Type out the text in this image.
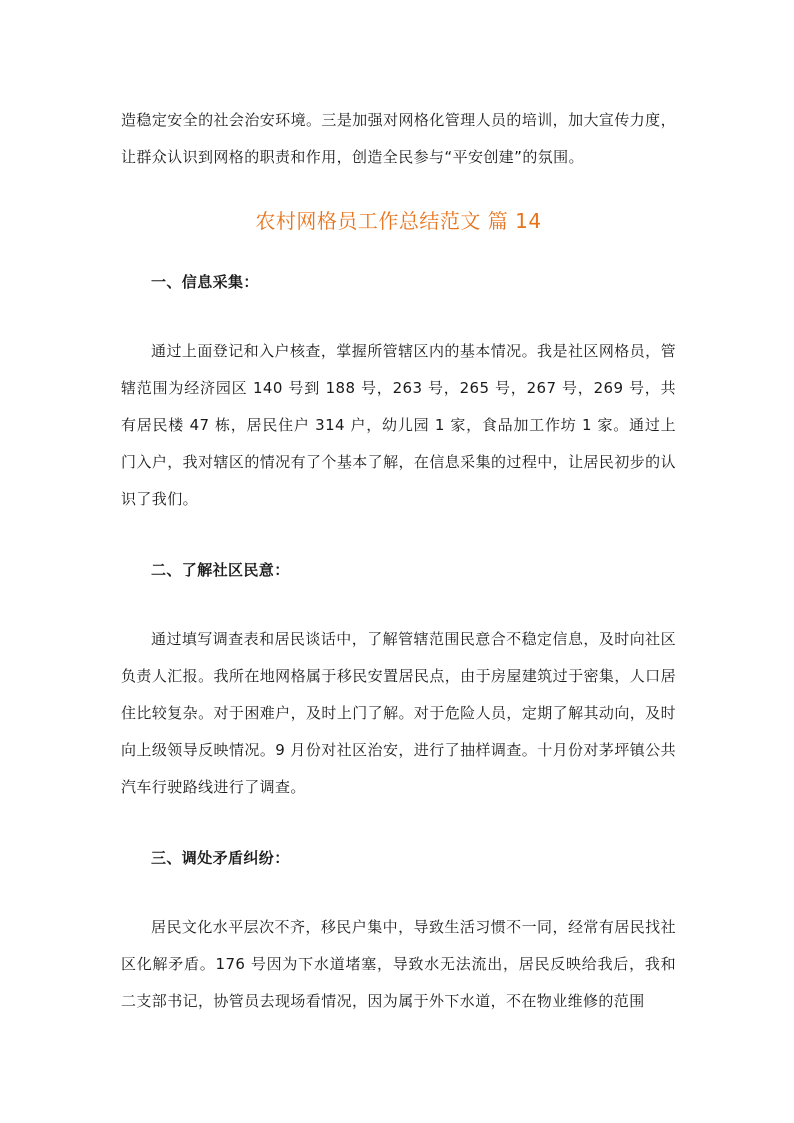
造稳定安全的社会治安环境。三是加强对网格化管理人员的培训，加大宣传力度，让群众认识到网格的职责和作用，创造全民参与“平安创建”的氛围。

农村网格员工作总结范文 篇 14

一、信息采集：

通过上面登记和入户核查，掌握所管辖区内的基本情况。我是社区网格员，管辖范围为经济园区 140 号到 188 号，263 号，265 号，267 号，269 号，共有居民楼 47 栋，居民住户 314 户，幼儿园 1 家，食品加工作坊 1 家。通过上门入户，我对辖区的情况有了个基本了解，在信息采集的过程中，让居民初步的认识了我们。

二、了解社区民意：

通过填写调查表和居民谈话中，了解管辖范围民意合不稳定信息，及时向社区负责人汇报。我所在地网格属于移民安置居民点，由于房屋建筑过于密集，人口居住比较复杂。对于困难户，及时上门了解。对于危险人员，定期了解其动向，及时向上级领导反映情况。9 月份对社区治安，进行了抽样调查。十月份对茅坪镇公共汽车行驶路线进行了调查。

三、调处矛盾纠纷：

居民文化水平层次不齐，移民户集中，导致生活习惯不一同，经常有居民找社区化解矛盾。176 号因为下水道堵塞，导致水无法流出，居民反映给我后，我和二支部书记，协管员去现场看情况，因为属于外下水道，不在物业维修的范围
